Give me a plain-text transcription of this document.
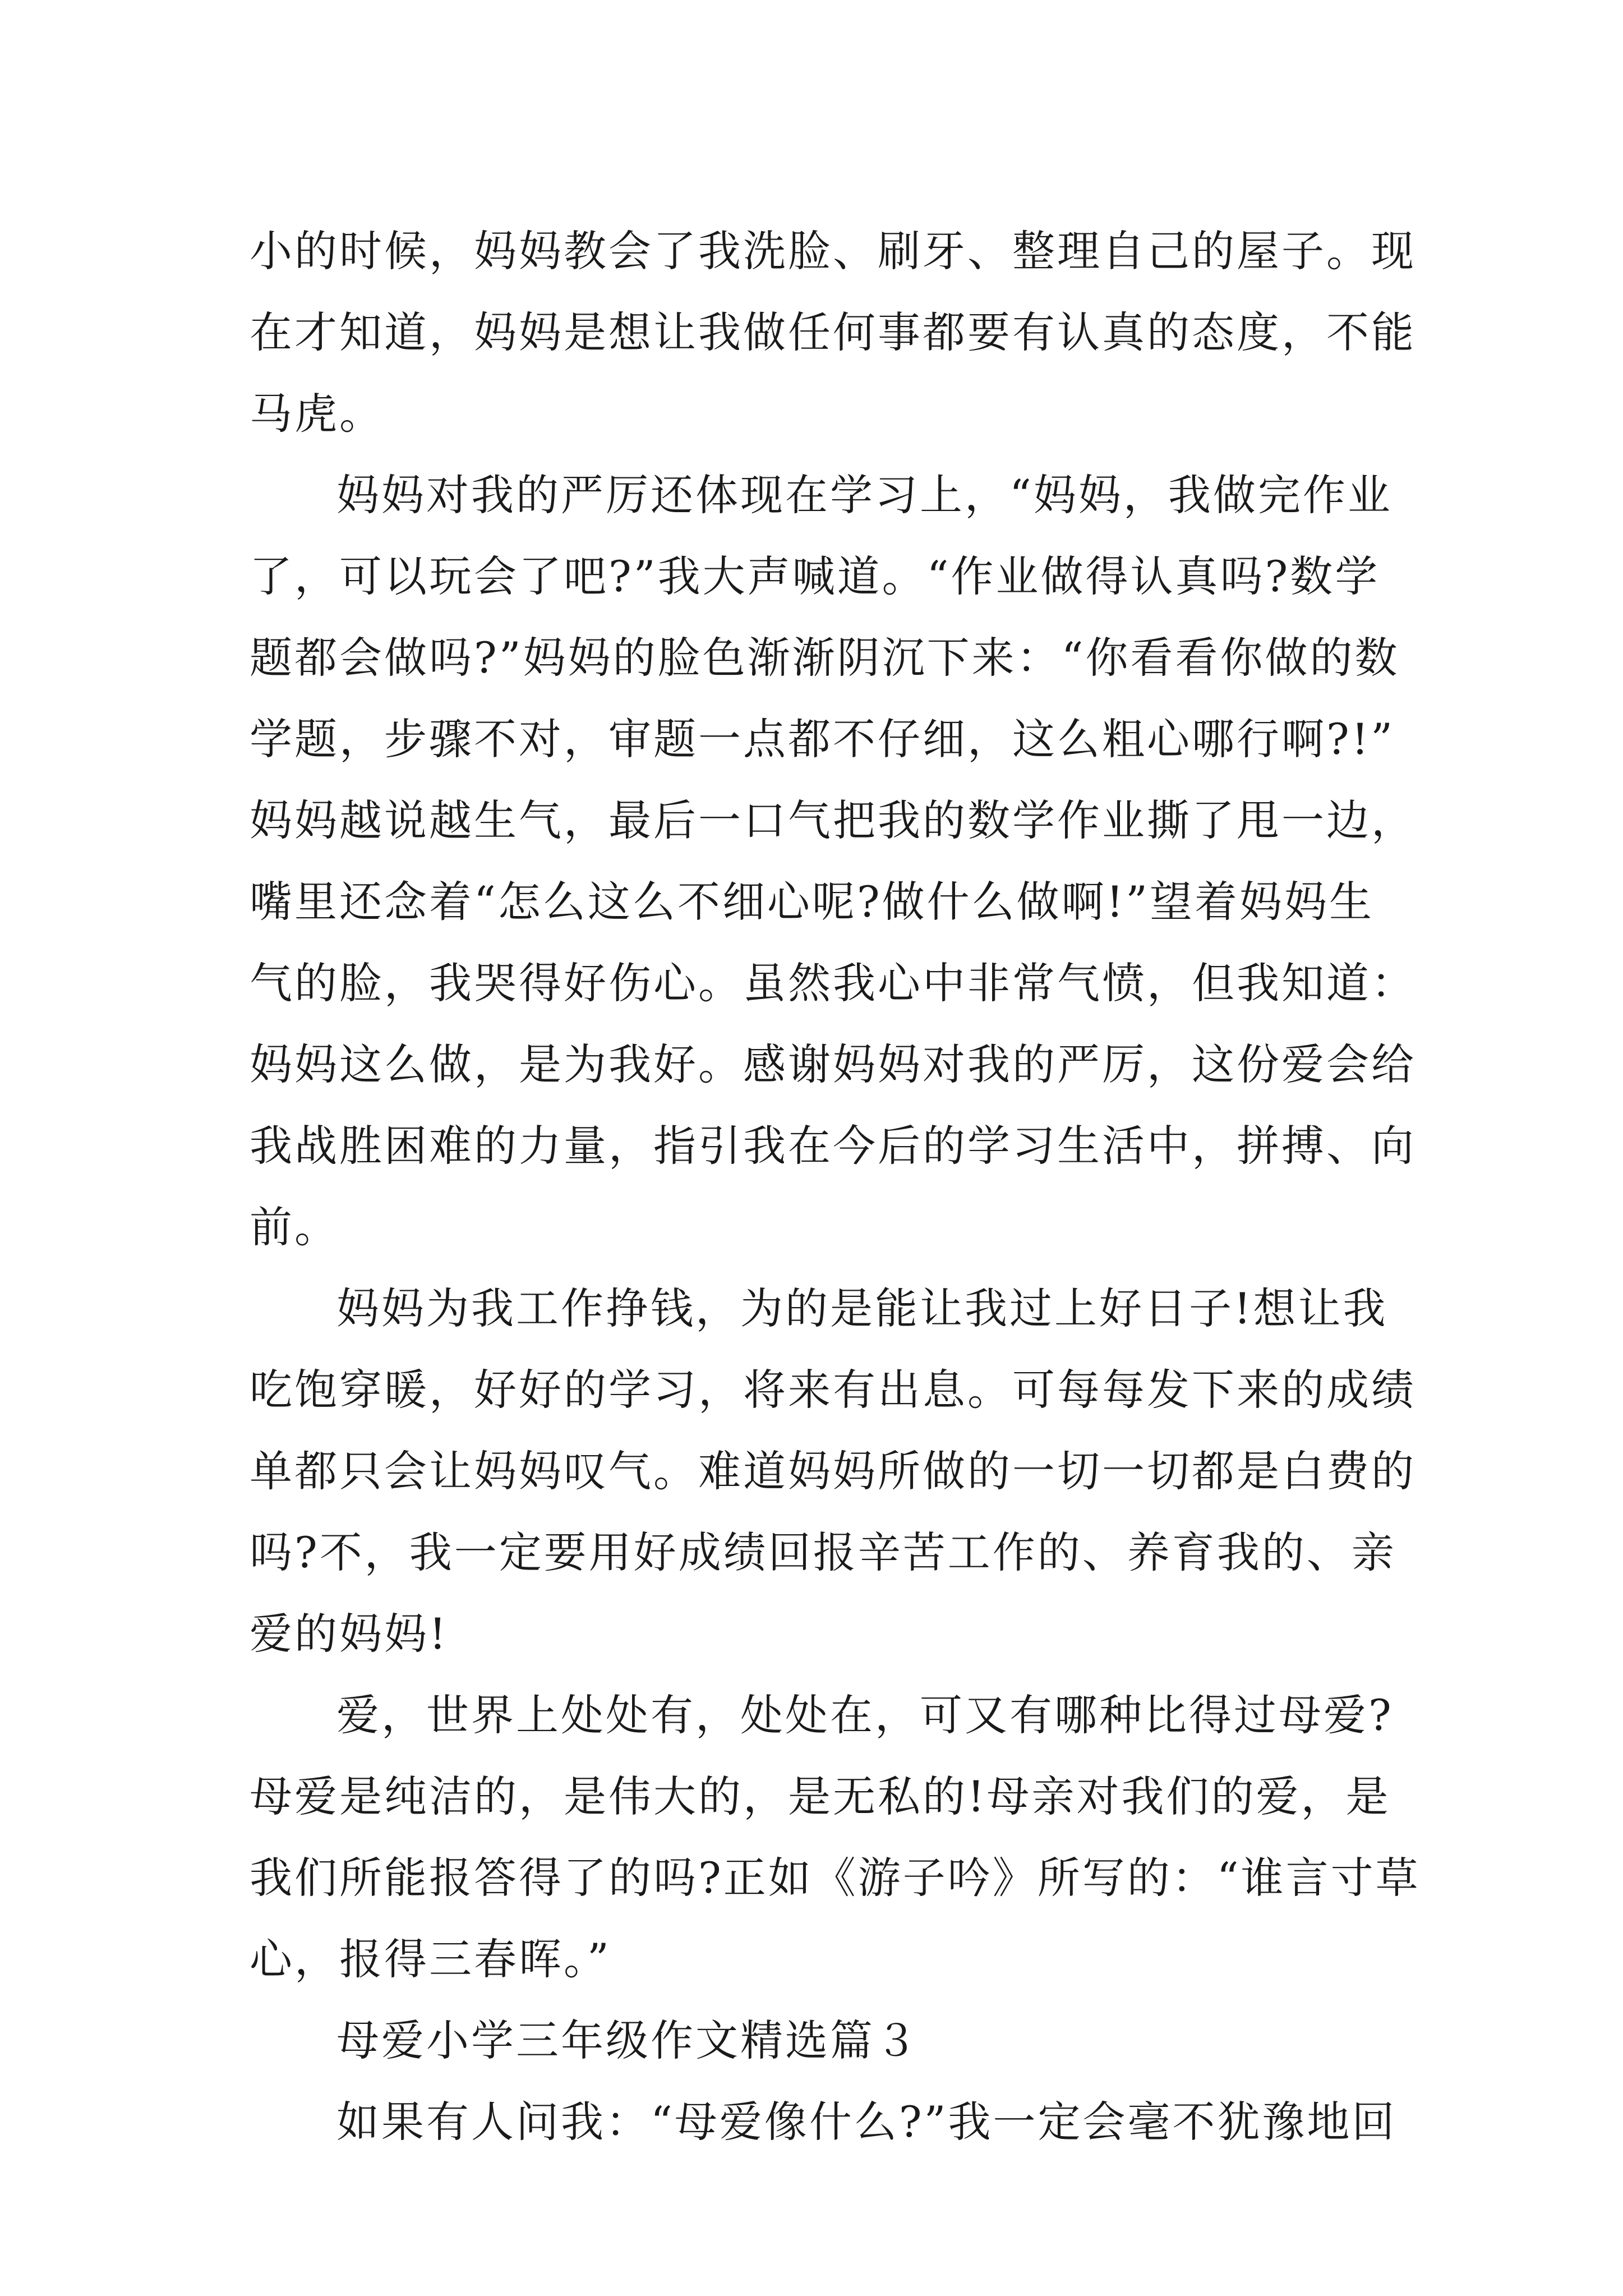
小的时候，妈妈教会了我洗脸、刷牙、整理自己的屋子。现
在才知道，妈妈是想让我做任何事都要有认真的态度，不能
马虎。
妈妈对我的严厉还体现在学习上，“妈妈，我做完作业
了，可以玩会了吧?”我大声喊道。“作业做得认真吗?数学
题都会做吗?”妈妈的脸色渐渐阴沉下来：“你看看你做的数
学题，步骤不对，审题一点都不仔细，这么粗心哪行啊?!”
妈妈越说越生气，最后一口气把我的数学作业撕了甩一边，
嘴里还念着“怎么这么不细心呢?做什么做啊!”望着妈妈生
气的脸，我哭得好伤心。虽然我心中非常气愤，但我知道：
妈妈这么做，是为我好。感谢妈妈对我的严厉，这份爱会给
我战胜困难的力量，指引我在今后的学习生活中，拼搏、向
前。
妈妈为我工作挣钱，为的是能让我过上好日子!想让我
吃饱穿暖，好好的学习，将来有出息。可每每发下来的成绩
单都只会让妈妈叹气。难道妈妈所做的一切一切都是白费的
吗?不，我一定要用好成绩回报辛苦工作的、养育我的、亲
爱的妈妈!
爱，世界上处处有，处处在，可又有哪种比得过母爱?
母爱是纯洁的，是伟大的，是无私的!母亲对我们的爱，是
我们所能报答得了的吗?正如《游子吟》所写的：“谁言寸草
心，报得三春晖。”
母爱小学三年级作文精选篇３
如果有人问我：“母爱像什么?”我一定会毫不犹豫地回
